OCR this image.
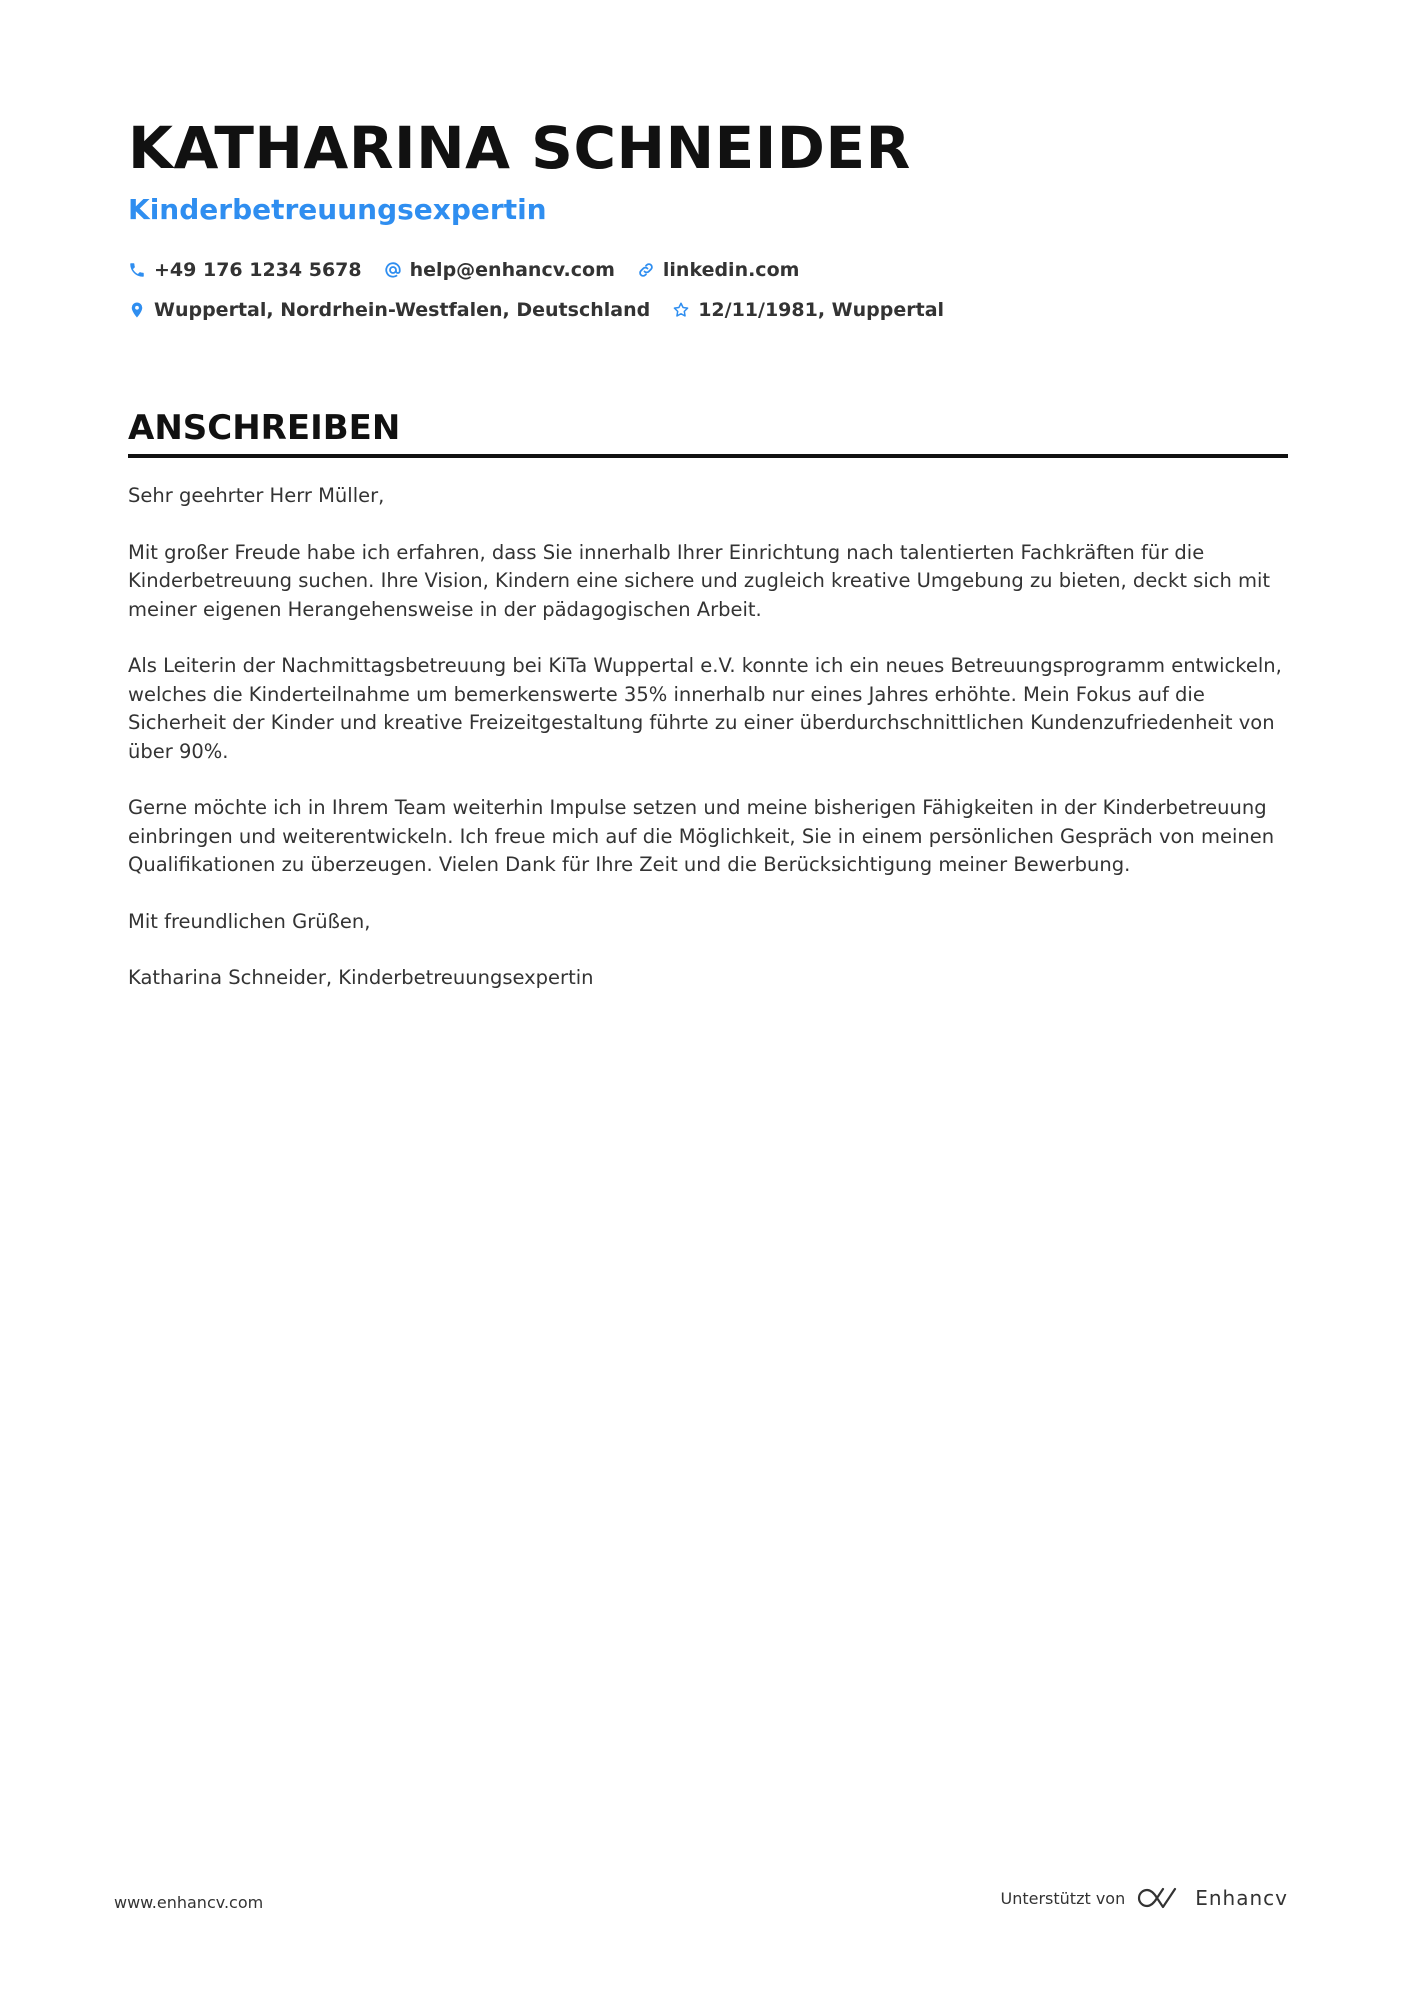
KATHARINA SCHNEIDER
Kinderbetreuungsexpertin
+49 176 1234 5678	help@enhancv.com	linkedin.com
Wuppertal, Nordrhein-Westfalen, Deutschland	12/11/1981, Wuppertal
ANSCHREIBEN

Sehr geehrter Herr Müller,

Mit großer Freude habe ich erfahren, dass Sie innerhalb Ihrer Einrichtung nach talentierten Fachkräften für die Kinderbetreuung suchen. Ihre Vision, Kindern eine sichere und zugleich kreative Umgebung zu bieten, deckt sich mit meiner eigenen Herangehensweise in der pädagogischen Arbeit.

Als Leiterin der Nachmittagsbetreuung bei KiTa Wuppertal e.V. konnte ich ein neues Betreuungsprogramm entwickeln, welches die Kinderteilnahme um bemerkenswerte 35% innerhalb nur eines Jahres erhöhte. Mein Fokus auf die Sicherheit der Kinder und kreative Freizeitgestaltung führte zu einer überdurchschnittlichen Kundenzufriedenheit von über 90%.

Gerne möchte ich in Ihrem Team weiterhin Impulse setzen und meine bisherigen Fähigkeiten in der Kinderbetreuung einbringen und weiterentwickeln. Ich freue mich auf die Möglichkeit, Sie in einem persönlichen Gespräch von meinen Qualifikationen zu überzeugen. Vielen Dank für Ihre Zeit und die Berücksichtigung meiner Bewerbung.

Mit freundlichen Grüßen,

Katharina Schneider, Kinderbetreuungsexpertin

www.enhancv.com	Unterstützt von	Enhancv
